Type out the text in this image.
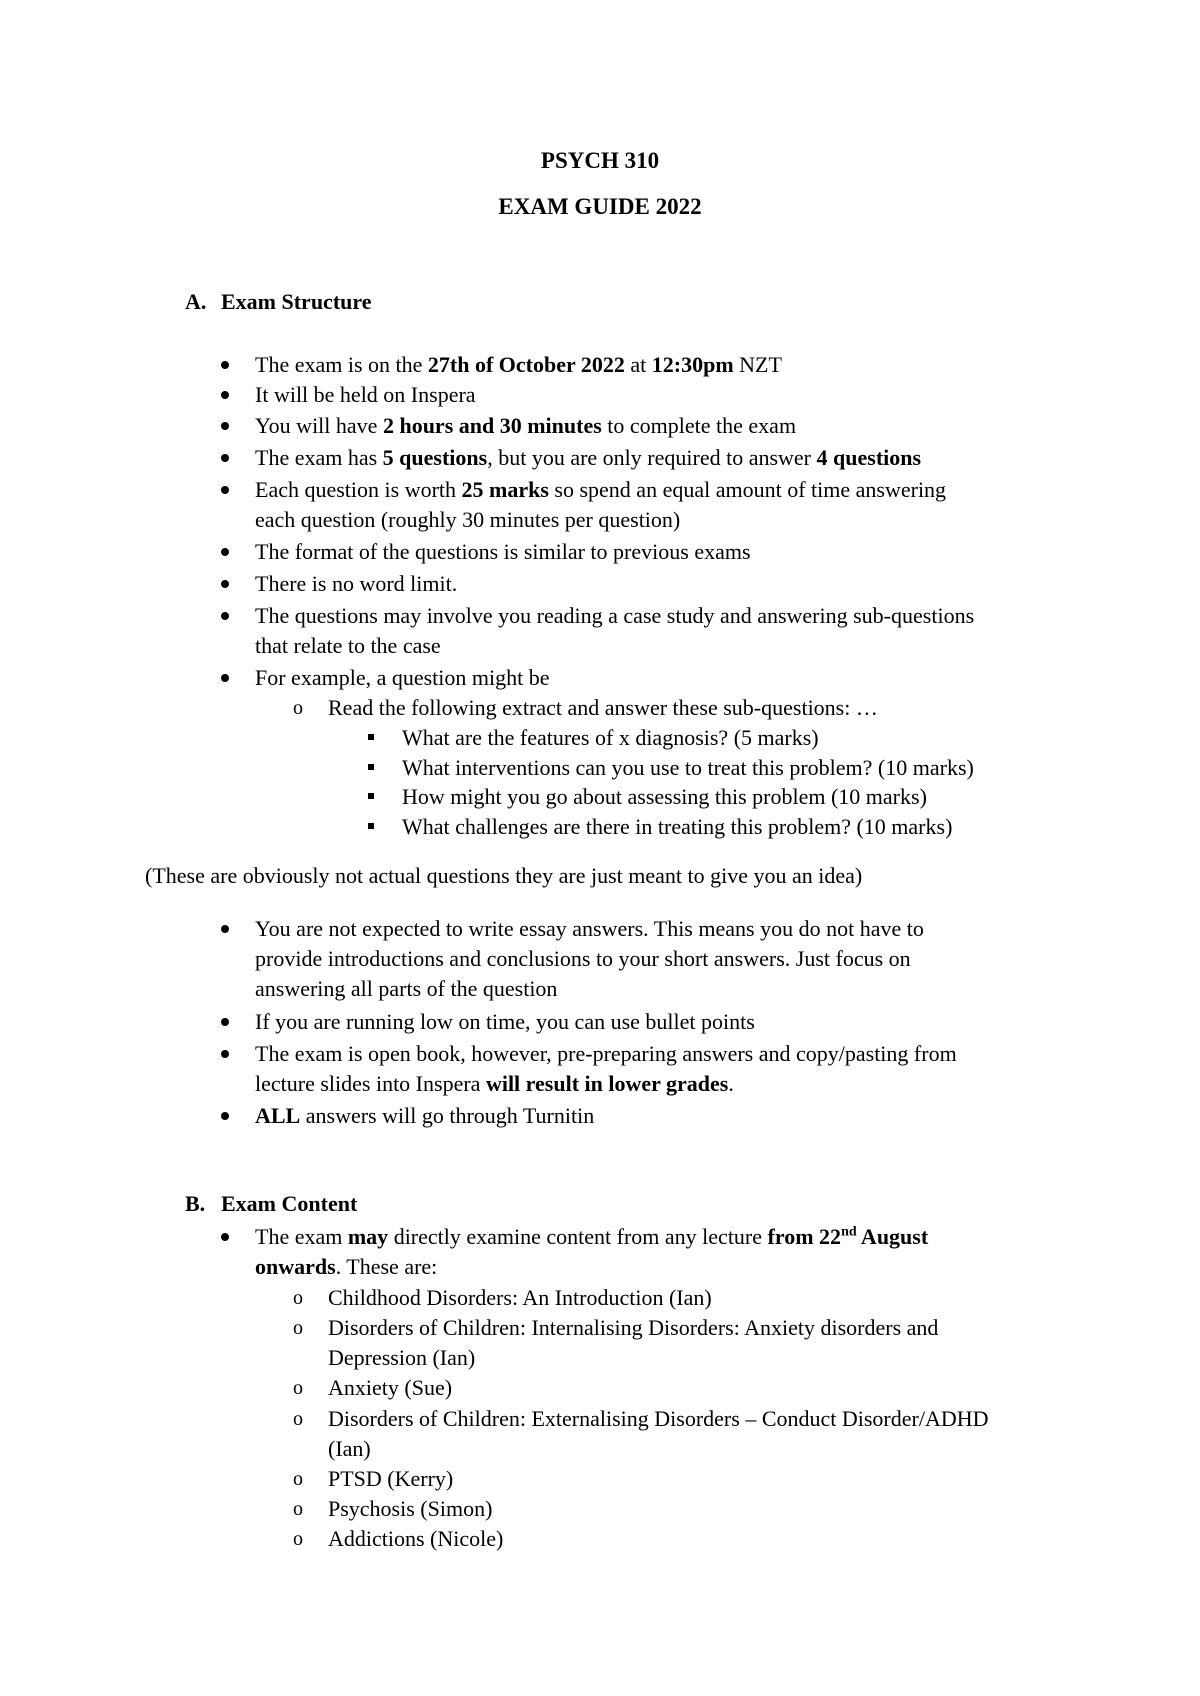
PSYCH 310
EXAM GUIDE 2022
A. Exam Structure
The exam is on the 27th of October 2022 at 12:30pm NZT
It will be held on Inspera
You will have 2 hours and 30 minutes to complete the exam
The exam has 5 questions, but you are only required to answer 4 questions
Each question is worth 25 marks so spend an equal amount of time answering
each question (roughly 30 minutes per question)
The format of the questions is similar to previous exams
There is no word limit.
The questions may involve you reading a case study and answering sub-questions
that relate to the case
For example, a question might be
o Read the following extract and answer these sub-questions: …
What are the features of x diagnosis? (5 marks)
What interventions can you use to treat this problem? (10 marks)
How might you go about assessing this problem (10 marks)
What challenges are there in treating this problem? (10 marks)
(These are obviously not actual questions they are just meant to give you an idea)
You are not expected to write essay answers. This means you do not have to
provide introductions and conclusions to your short answers. Just focus on
answering all parts of the question
If you are running low on time, you can use bullet points
The exam is open book, however, pre-preparing answers and copy/pasting from
lecture slides into Inspera will result in lower grades.
ALL answers will go through Turnitin
B. Exam Content
The exam may directly examine content from any lecture from 22nd August
onwards. These are:
o Childhood Disorders: An Introduction (Ian)
o Disorders of Children: Internalising Disorders: Anxiety disorders and
Depression (Ian)
o Anxiety (Sue)
o Disorders of Children: Externalising Disorders – Conduct Disorder/ADHD
(Ian)
o PTSD (Kerry)
o Psychosis (Simon)
o Addictions (Nicole)
